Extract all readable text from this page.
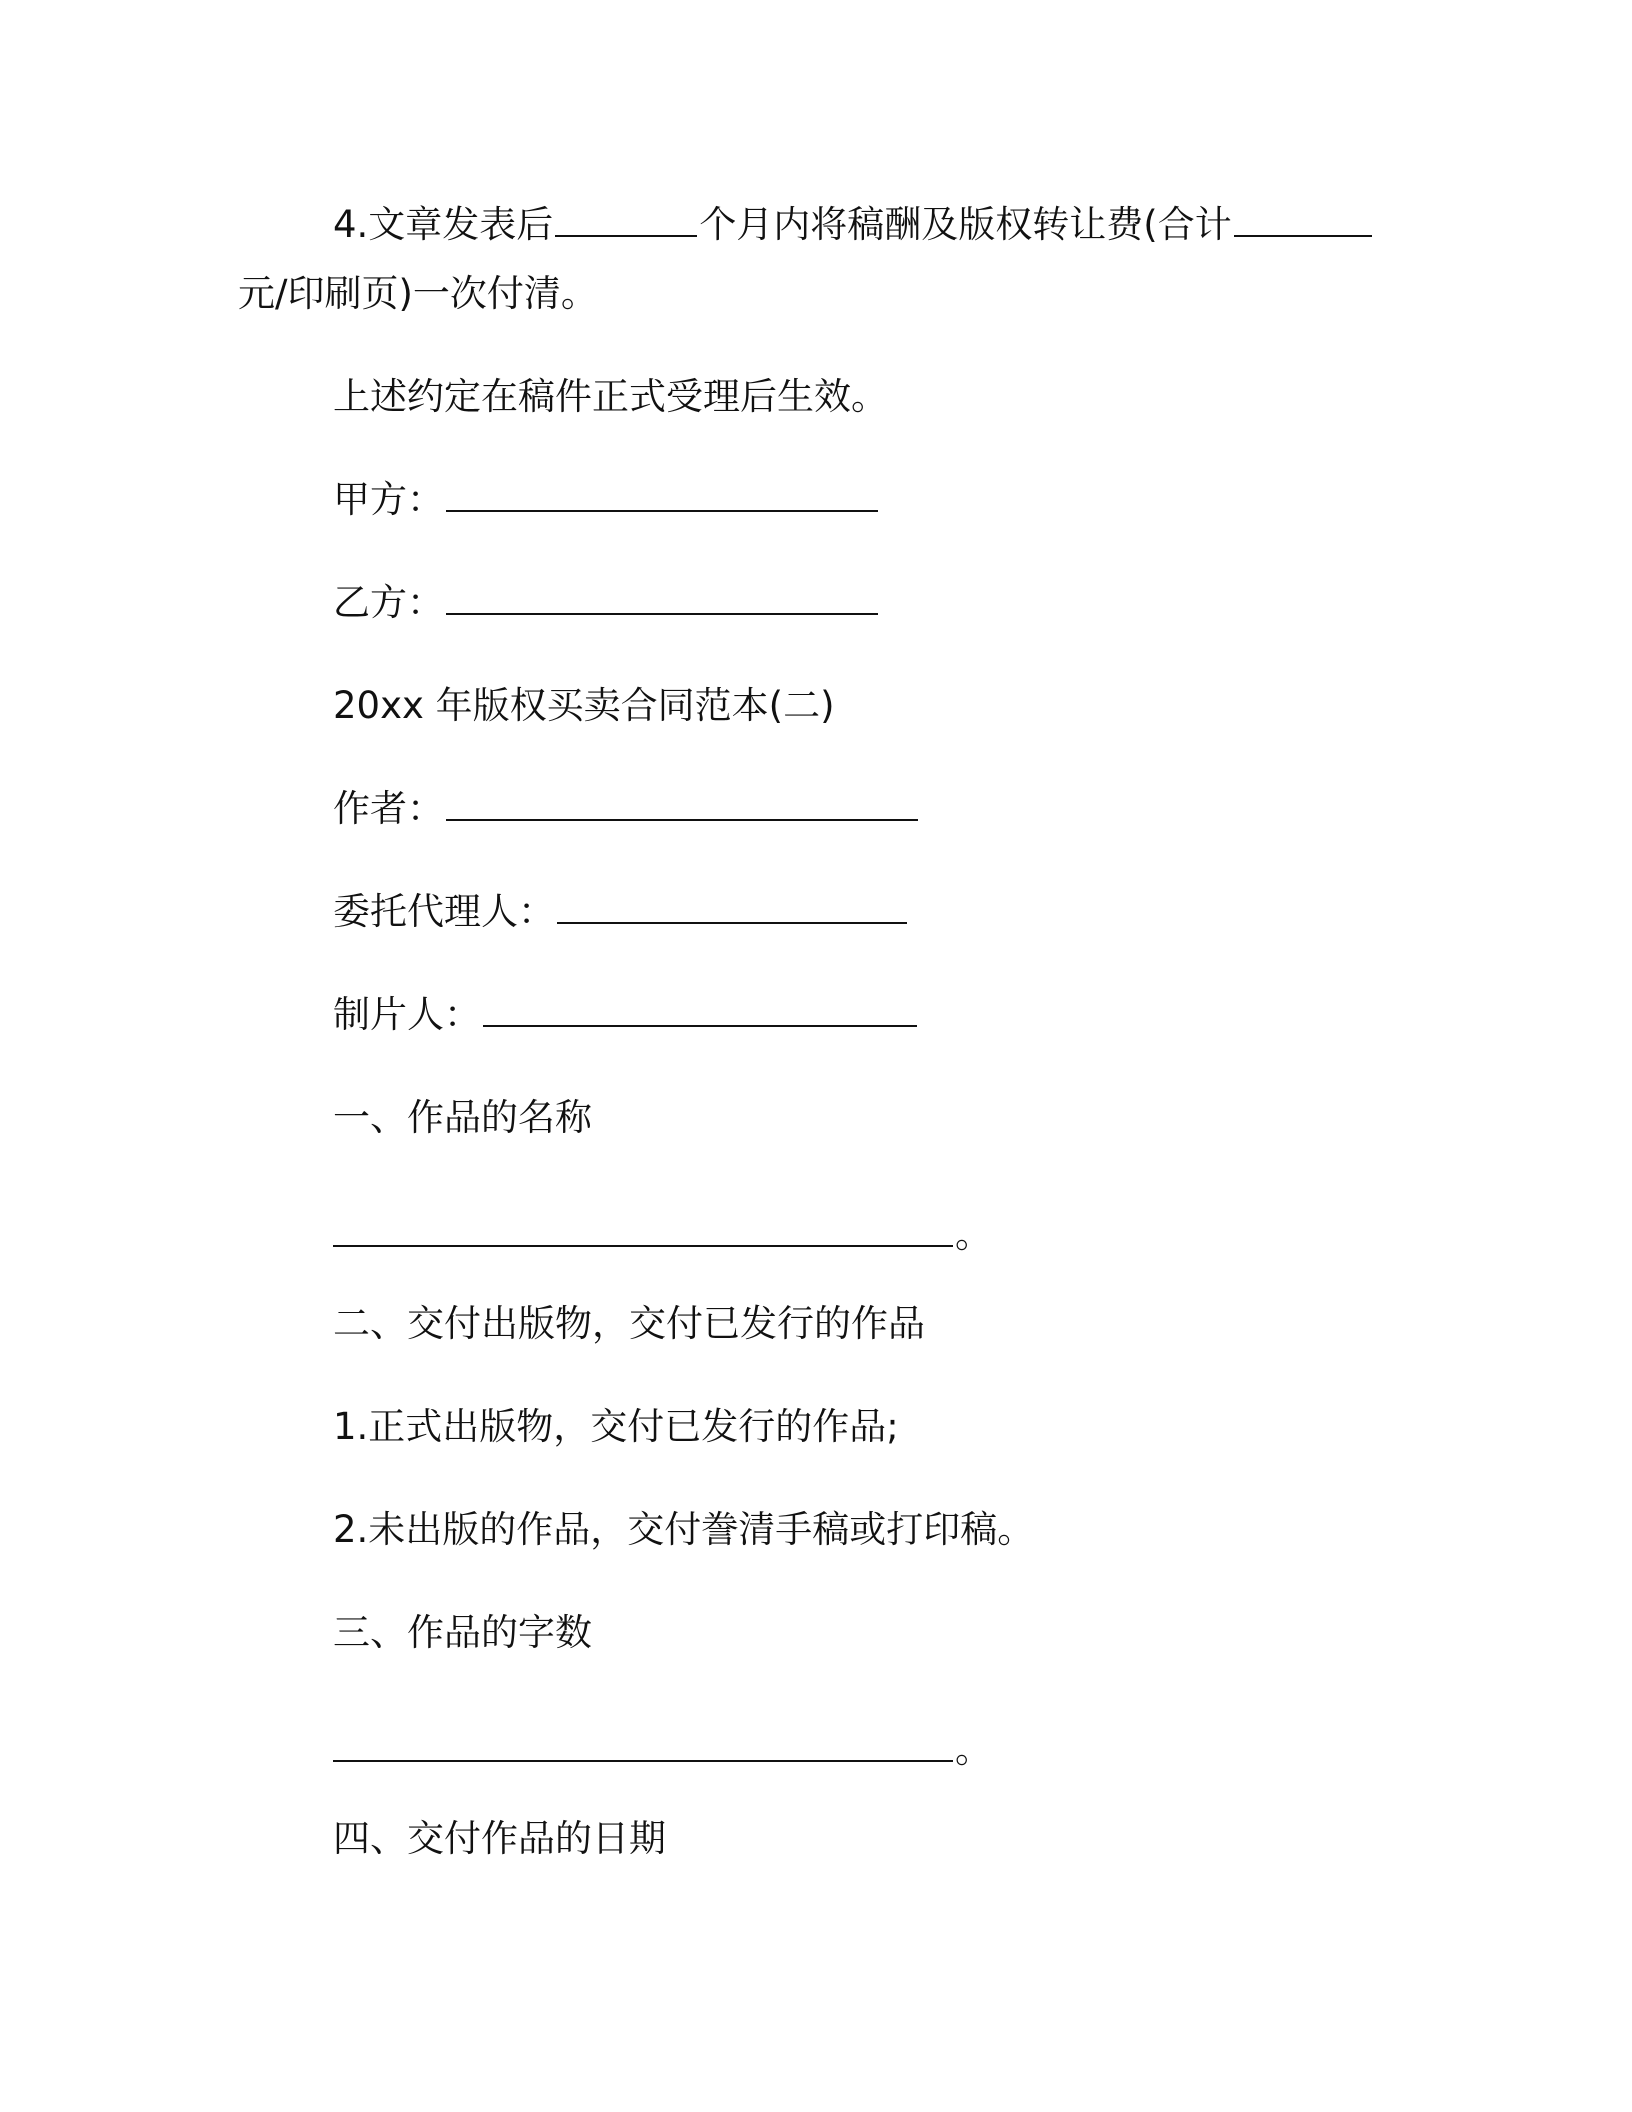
4.文章发表后	个月内将稿酬及版权转让费(合计
元/印刷页)一次付清。
上述约定在稿件正式受理后生效。
甲方：
乙方：
20xx 年版权买卖合同范本(二)
作者：
委托代理人：
制片人：
一、作品的名称
。
二、交付出版物，交付已发行的作品
1.正式出版物，交付已发行的作品;
2.未出版的作品，交付誊清手稿或打印稿。
三、作品的字数
。
四、交付作品的日期
